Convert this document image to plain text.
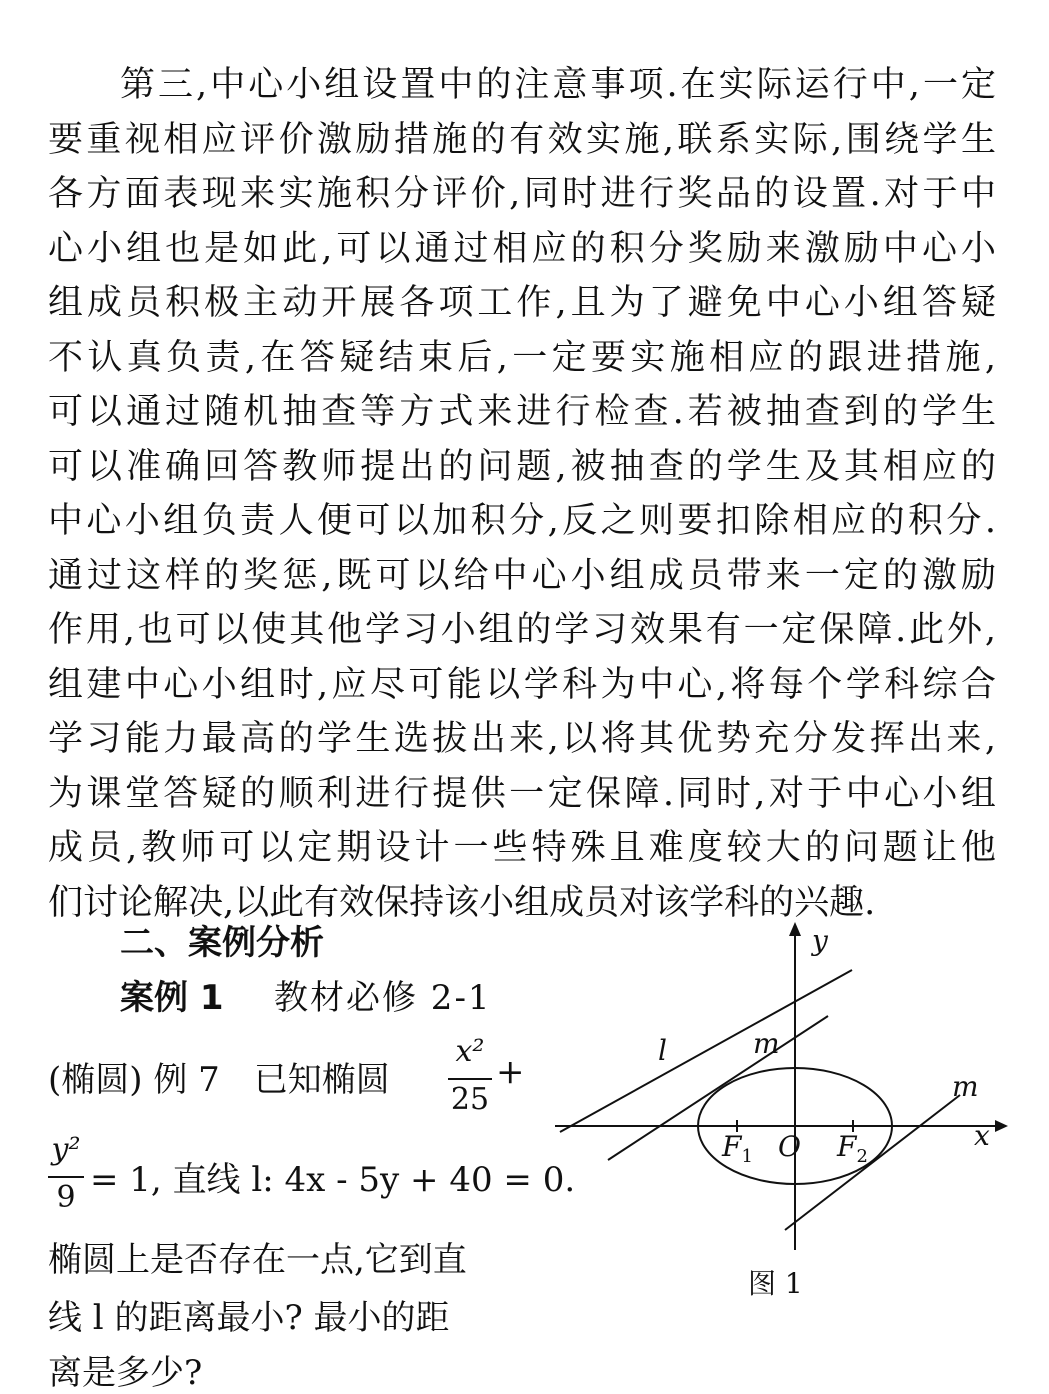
第三,中心小组设置中的注意事项.在实际运行中,一定
要重视相应评价激励措施的有效实施,联系实际,围绕学生
各方面表现来实施积分评价,同时进行奖品的设置.对于中
心小组也是如此,可以通过相应的积分奖励来激励中心小
组成员积极主动开展各项工作,且为了避免中心小组答疑
不认真负责,在答疑结束后,一定要实施相应的跟进措施,
可以通过随机抽查等方式来进行检查.若被抽查到的学生
可以准确回答教师提出的问题,被抽查的学生及其相应的
中心小组负责人便可以加积分,反之则要扣除相应的积分.
通过这样的奖惩,既可以给中心小组成员带来一定的激励
作用,也可以使其他学习小组的学习效果有一定保障.此外,
组建中心小组时,应尽可能以学科为中心,将每个学科综合
学习能力最高的学生选拔出来,以将其优势充分发挥出来,
为课堂答疑的顺利进行提供一定保障.同时,对于中心小组
成员,教师可以定期设计一些特殊且难度较大的问题让他
们讨论解决,以此有效保持该小组成员对该学科的兴趣.
二、案例分析
案例 1 教材必修 2-1
(椭圆) 例 7　已知椭圆
x²
25
+
y²
9 = 1, 直线 l: 4x - 5y + 40 = 0.
椭圆上是否存在一点,它到直
线 l 的距离最小? 最小的距
离是多少?
y
x
l	m
m
O
$F_1$	$F_2$
图 1
